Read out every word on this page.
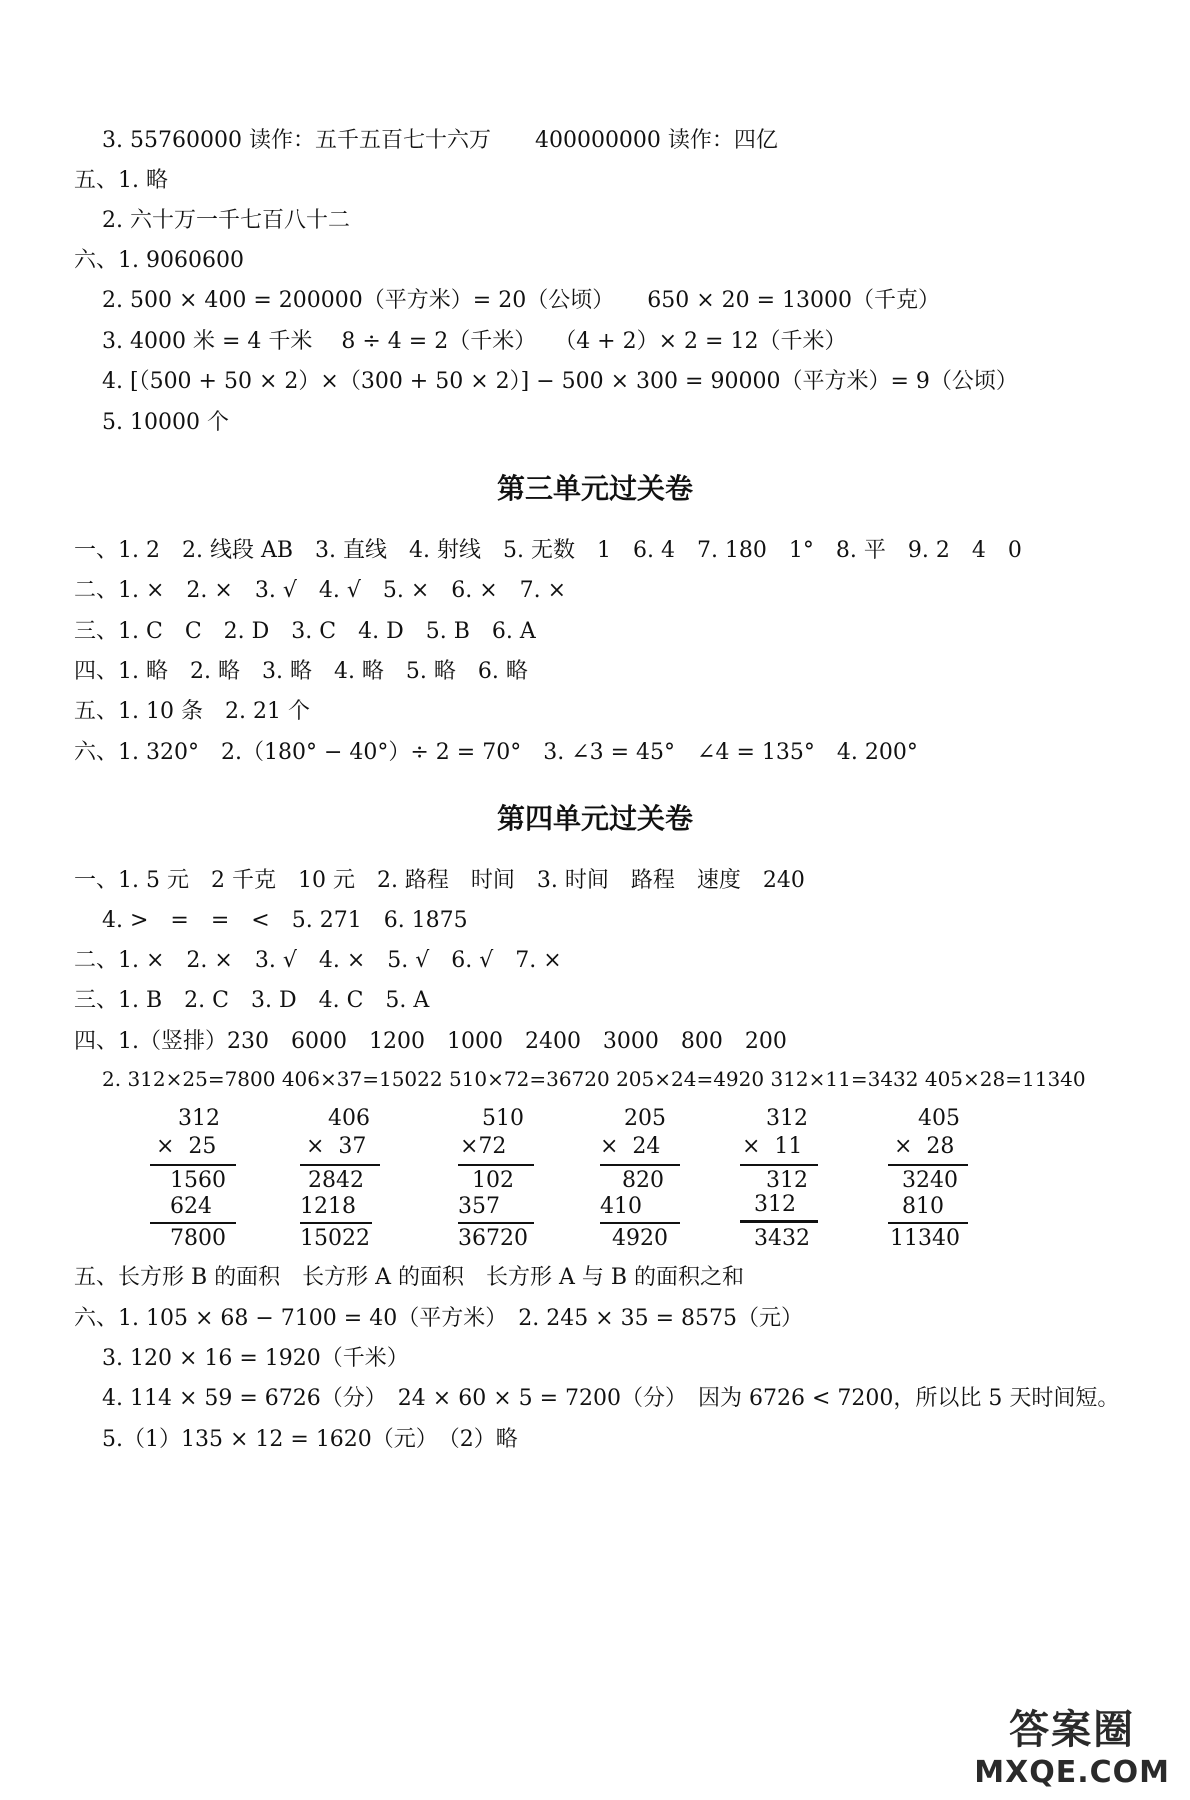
3. 55760000 读作：五千五百七十六万　　400000000 读作：四亿
五、1. 略
2. 六十万一千七百八十二
六、1. 9060600
2. 500 × 400 = 200000（平方米）= 20（公顷）　　650 × 20 = 13000（千克）
3. 4000 米 = 4 千米　 8 ÷ 4 = 2（千米）　 （4 + 2）× 2 = 12（千米）
4. [（500 + 50 × 2）×（300 + 50 × 2）] − 500 × 300 = 90000（平方米）= 9（公顷）
5. 10000 个
第三单元过关卷
一、1. 2　2. 线段 AB　3. 直线　4. 射线　5. 无数　1　6. 4　7. 180　1°　8. 平　9. 2　4　0
二、1. ×　2. ×　3. √　4. √　5. ×　6. ×　7. ×
三、1. C　C　2. D　3. C　4. D　5. B　6. A
四、1. 略　2. 略　3. 略　4. 略　5. 略　6. 略
五、1. 10 条　2. 21 个
六、1. 320°　2.（180° − 40°）÷ 2 = 70°　3. ∠3 = 45°　∠4 = 135°　4. 200°
第四单元过关卷
一、1. 5 元　2 千克　10 元　2. 路程　时间　3. 时间　路程　速度　240
4. >　=　=　<　5. 271　6. 1875
二、1. ×　2. ×　3. √　4. ×　5. √　6. √　7. ×
三、1. B　2. C　3. D　4. C　5. A
四、1.（竖排）230　6000　1200　1000　2400　3000　800　200
2. 312×25=7800 406×37=15022 510×72=36720 205×24=4920 312×11=3432 405×28=11340
312
×  25
1560
624
7800
406
×  37
2842
1218
15022
510
×72
102
357
36720
205
×  24
820
410
4920
312
×  11
312
312
3432
405
×  28
3240
810
11340
五、长方形 B 的面积　长方形 A 的面积　长方形 A 与 B 的面积之和
六、1. 105 × 68 − 7100 = 40（平方米）　2. 245 × 35 = 8575（元）
3. 120 × 16 = 1920（千米）
4. 114 × 59 = 6726（分）　24 × 60 × 5 = 7200（分）　因为 6726 < 7200，所以比 5 天时间短。
5.（1）135 × 12 = 1620（元）　（2）略
答案圈
MXQE.COM
